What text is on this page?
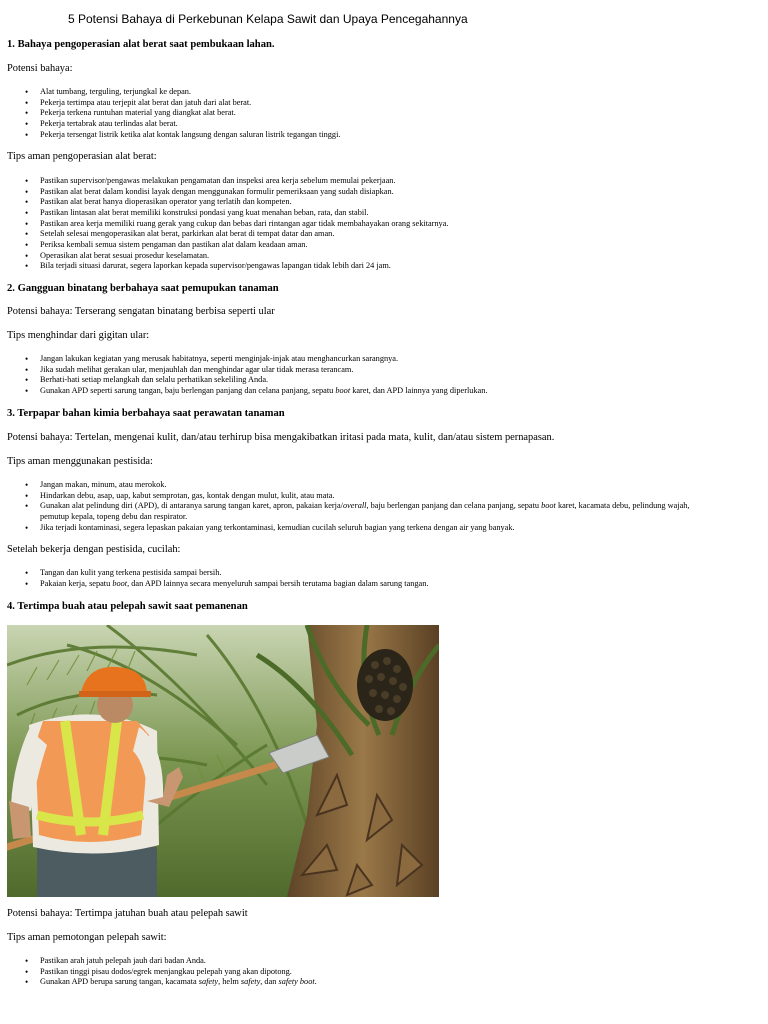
5 Potensi Bahaya di Perkebunan Kelapa Sawit dan Upaya Pencegahannya
1. Bahaya pengoperasian alat berat saat pembukaan lahan.
Potensi bahaya:
• Alat tumbang, terguling, terjungkal ke depan.
• Pekerja tertimpa atau terjepit alat berat dan jatuh dari alat berat.
• Pekerja terkena runtuhan material yang diangkat alat berat.
• Pekerja tertabrak atau terlindas alat berat.
• Pekerja tersengat listrik ketika alat kontak langsung dengan saluran listrik tegangan tinggi.
Tips aman pengoperasian alat berat:
• Pastikan supervisor/pengawas melakukan pengamatan dan inspeksi area kerja sebelum memulai pekerjaan.
• Pastikan alat berat dalam kondisi layak dengan menggunakan formulir pemeriksaan yang sudah disiapkan.
• Pastikan alat berat hanya dioperasikan operator yang terlatih dan kompeten.
• Pastikan lintasan alat berat memiliki konstruksi pondasi yang kuat menahan beban, rata, dan stabil.
• Pastikan area kerja memiliki ruang gerak yang cukup dan bebas dari rintangan agar tidak membahayakan orang sekitarnya.
• Setelah selesai mengoperasikan alat berat, parkirkan alat berat di tempat datar dan aman.
• Periksa kembali semua sistem pengaman dan pastikan alat dalam keadaan aman.
• Operasikan alat berat sesuai prosedur keselamatan.
• Bila terjadi situasi darurat, segera laporkan kepada supervisor/pengawas lapangan tidak lebih dari 24 jam.
2. Gangguan binatang berbahaya saat pemupukan tanaman
Potensi bahaya: Terserang sengatan binatang berbisa seperti ular
Tips menghindar dari gigitan ular:
• Jangan lakukan kegiatan yang merusak habitatnya, seperti menginjak-injak atau menghancurkan sarangnya.
• Jika sudah melihat gerakan ular, menjauhlah dan menghindar agar ular tidak merasa terancam.
• Berhati-hati setiap melangkah dan selalu perhatikan sekeliling Anda.
• Gunakan APD seperti sarung tangan, baju berlengan panjang dan celana panjang, sepatu boot karet, dan APD lainnya yang diperlukan.
3. Terpapar bahan kimia berbahaya saat perawatan tanaman
Potensi bahaya: Tertelan, mengenai kulit, dan/atau terhirup bisa mengakibatkan iritasi pada mata, kulit, dan/atau sistem pernapasan.
Tips aman menggunakan pestisida:
• Jangan makan, minum, atau merokok.
• Hindarkan debu, asap, uap, kabut semprotan, gas, kontak dengan mulut, kulit, atau mata.
• Gunakan alat pelindung diri (APD), di antaranya sarung tangan karet, apron, pakaian kerja/overall, baju berlengan panjang dan celana panjang, sepatu boot karet, kacamata debu, pelindung wajah,
pemutup kepala, topeng debu dan respirator.
• Jika terjadi kontaminasi, segera lepaskan pakaian yang terkontaminasi, kemudian cucilah seluruh bagian yang terkena dengan air yang banyak.
Setelah bekerja dengan pestisida, cucilah:
• Tangan dan kulit yang terkena pestisida sampai bersih.
• Pakaian kerja, sepatu boot, dan APD lainnya secara menyeluruh sampai bersih terutama bagian dalam sarung tangan.
4. Tertimpa buah atau pelepah sawit saat pemanenan
Potensi bahaya: Tertimpa jatuhan buah atau pelepah sawit
Tips aman pemotongan pelepah sawit:
• Pastikan arah jatuh pelepah jauh dari badan Anda.
• Pastikan tinggi pisau dodos/egrek menjangkau pelepah yang akan dipotong.
• Gunakan APD berupa sarung tangan, kacamata safety, helm safety, dan safety boot.
